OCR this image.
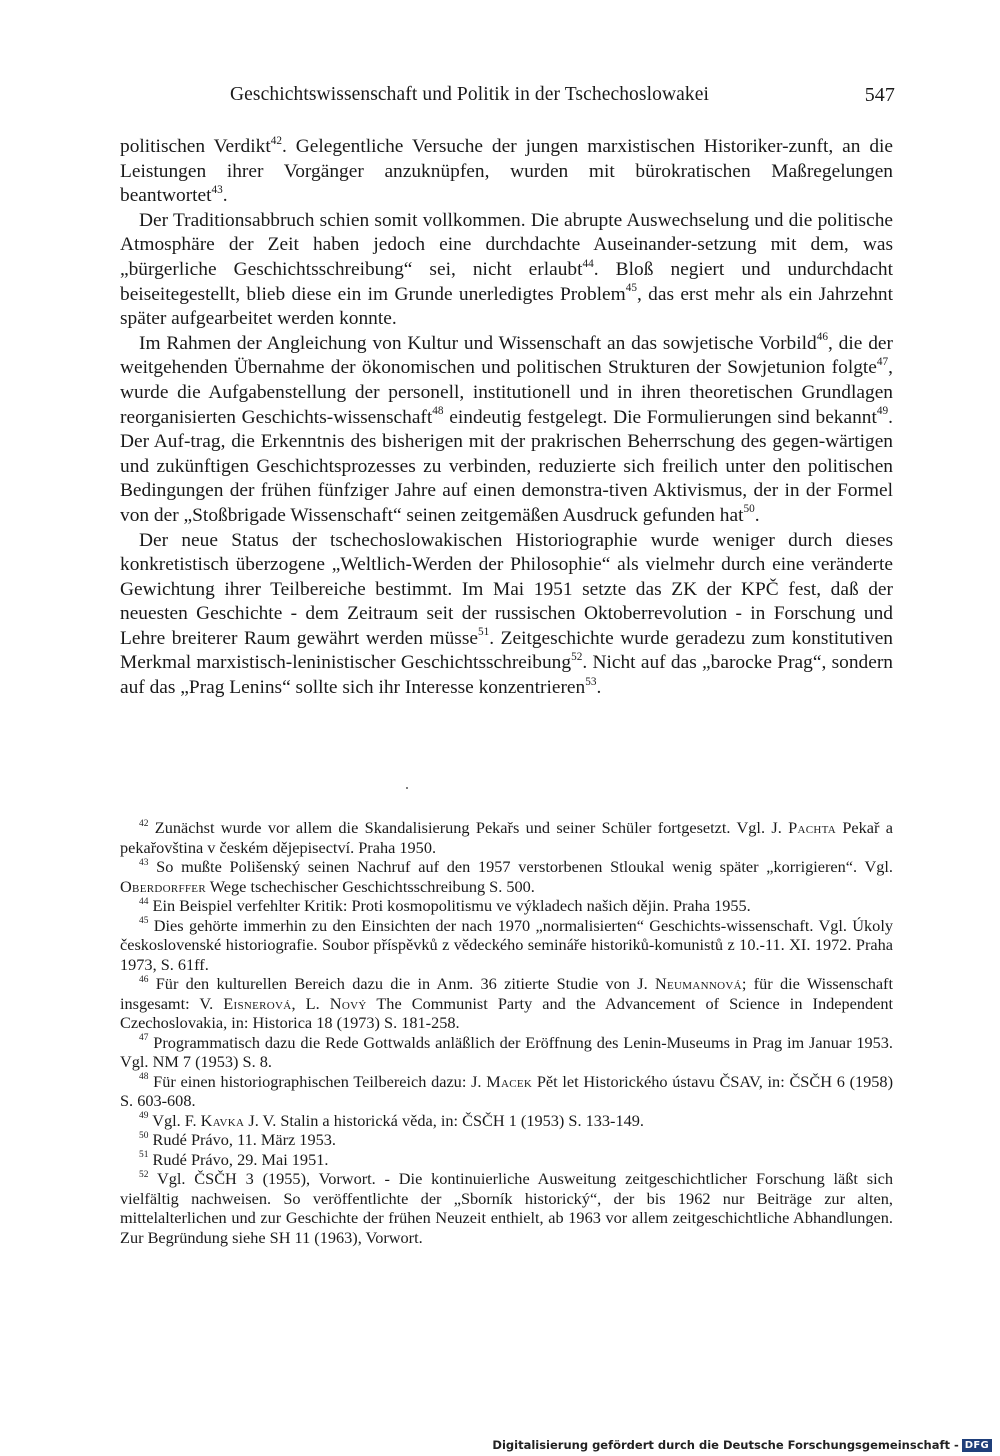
Geschichtswissenschaft und Politik in der Tschechoslowakei	547

politischen Verdikt$^{42}$. Gelegentliche Versuche der jungen marxistischen Historiker-zunft, an die Leistungen ihrer Vorgänger anzuknüpfen, wurden mit bürokratischen Maßregelungen beantwortet$^{43}$.

Der Traditionsabbruch schien somit vollkommen. Die abrupte Auswechselung und die politische Atmosphäre der Zeit haben jedoch eine durchdachte Auseinander-setzung mit dem, was „bürgerliche Geschichtsschreibung“ sei, nicht erlaubt$^{44}$. Bloß negiert und undurchdacht beiseitegestellt, blieb diese ein im Grunde unerledigtes Problem$^{45}$, das erst mehr als ein Jahrzehnt später aufgearbeitet werden konnte.

Im Rahmen der Angleichung von Kultur und Wissenschaft an das sowjetische Vorbild$^{46}$, die der weitgehenden Übernahme der ökonomischen und politischen Strukturen der Sowjetunion folgte$^{47}$, wurde die Aufgabenstellung der personell, institutionell und in ihren theoretischen Grundlagen reorganisierten Geschichts-wissenschaft$^{48}$ eindeutig festgelegt. Die Formulierungen sind bekannt$^{49}$. Der Auf-trag, die Erkenntnis des bisherigen mit der prakrischen Beherrschung des gegen-wärtigen und zukünftigen Geschichtsprozesses zu verbinden, reduzierte sich freilich unter den politischen Bedingungen der frühen fünfziger Jahre auf einen demonstra-tiven Aktivismus, der in der Formel von der „Stoßbrigade Wissenschaft“ seinen zeitgemäßen Ausdruck gefunden hat$^{50}$.

Der neue Status der tschechoslowakischen Historiographie wurde weniger durch dieses konkretistisch überzogene „Weltlich-Werden der Philosophie“ als vielmehr durch eine veränderte Gewichtung ihrer Teilbereiche bestimmt. Im Mai 1951 setzte das ZK der KPČ fest, daß der neuesten Geschichte - dem Zeitraum seit der russischen Oktoberrevolution - in Forschung und Lehre breiterer Raum gewährt werden müsse$^{51}$. Zeitgeschichte wurde geradezu zum konstitutiven Merkmal marxistisch-leninistischer Geschichtsschreibung$^{52}$. Nicht auf das „barocke Prag“, sondern auf das „Prag Lenins“ sollte sich ihr Interesse konzentrieren$^{53}$.

$^{42}$ Zunächst wurde vor allem die Skandalisierung Pekařs und seiner Schüler fortgesetzt. Vgl. J. Pachta Pekař a pekařovština v českém dějepisectví. Praha 1950.

$^{43}$ So mußte Polišenský seinen Nachruf auf den 1957 verstorbenen Stloukal wenig später „korrigieren“. Vgl. Oberdorffer Wege tschechischer Geschichtsschreibung S. 500.

$^{44}$ Ein Beispiel verfehlter Kritik: Proti kosmopolitismu ve výkladech našich dějin. Praha 1955.

$^{45}$ Dies gehörte immerhin zu den Einsichten der nach 1970 „normalisierten“ Geschichts-wissenschaft. Vgl. Úkoly československé historiografie. Soubor příspěvků z vědeckého semináře historiků-komunistů z 10.-11. XI. 1972. Praha 1973, S. 61ff.

$^{46}$ Für den kulturellen Bereich dazu die in Anm. 36 zitierte Studie von J. Neumannová; für die Wissenschaft insgesamt: V. Eisnerová, L. Nový The Communist Party and the Advancement of Science in Independent Czechoslovakia, in: Historica 18 (1973) S. 181-258.

$^{47}$ Programmatisch dazu die Rede Gottwalds anläßlich der Eröffnung des Lenin-Museums in Prag im Januar 1953. Vgl. NM 7 (1953) S. 8.

$^{48}$ Für einen historiographischen Teilbereich dazu: J. Macek Pět let Historického ústavu ČSAV, in: ČSČH 6 (1958) S. 603-608.

$^{49}$ Vgl. F. Kavka J. V. Stalin a historická věda, in: ČSČH 1 (1953) S. 133-149.

$^{50}$ Rudé Právo, 11. März 1953.

$^{51}$ Rudé Právo, 29. Mai 1951.

$^{52}$ Vgl. ČSČH 3 (1955), Vorwort. - Die kontinuierliche Ausweitung zeitgeschichtlicher Forschung läßt sich vielfältig nachweisen. So veröffentlichte der „Sborník historický“, der bis 1962 nur Beiträge zur alten, mittelalterlichen und zur Geschichte der frühen Neuzeit enthielt, ab 1963 vor allem zeitgeschichtliche Abhandlungen. Zur Begründung siehe SH 11 (1963), Vorwort.

Digitalisierung gefördert durch die Deutsche Forschungsgemeinschaft - DFG
